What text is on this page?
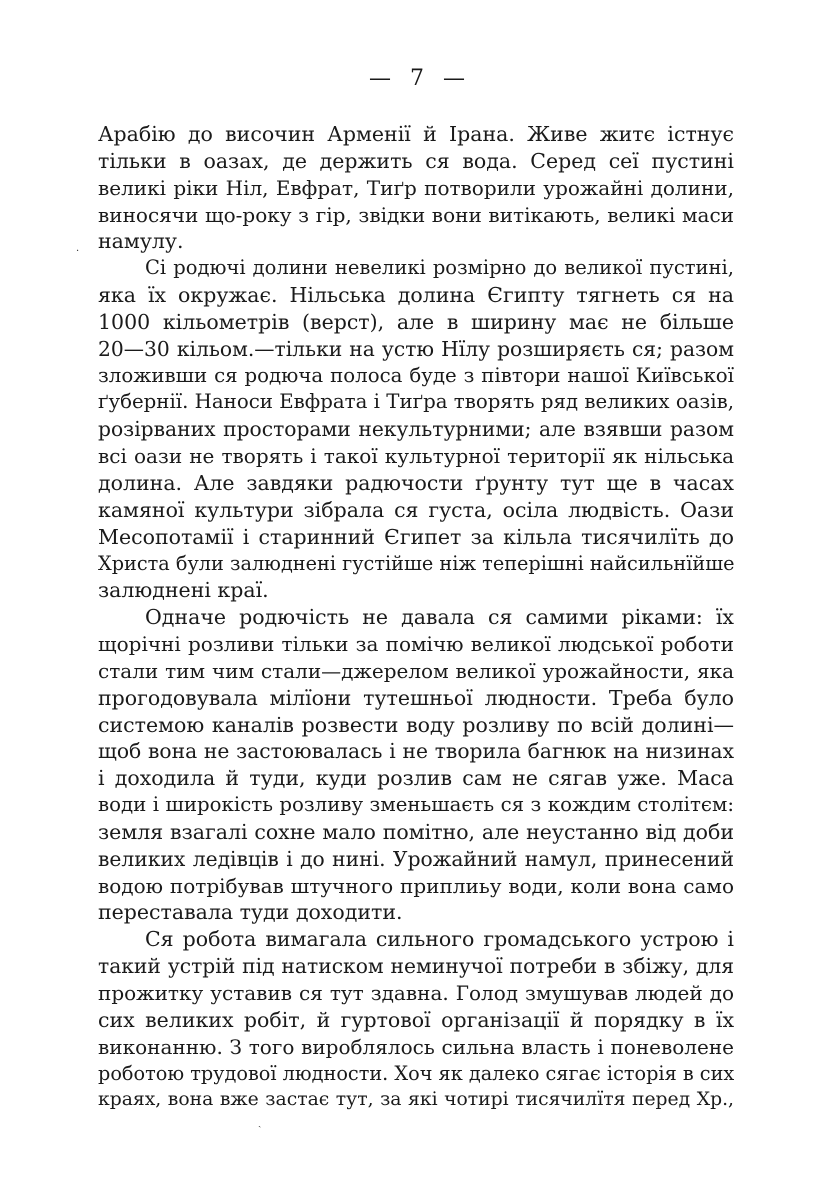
— 7 —
Арабію до височин Арменії й Ірана. Живе житє істнує
тільки в оазах, де держить ся вода. Серед сеї пустині
великі ріки Ніл, Евфрат, Тиґр потворили урожайні долини,
виносячи що-року з гір, звідки вони витікають, великі маси
намулу.
Сі родючі долини невеликі розмірно до великої пустині,
яка їх окружає. Нільська долина Єгипту тягнеть ся на
1000 кільометрів (верст), але в ширину має не більше
20—30 кільом.—тільки на устю Нїлу розширяєть ся; разом
зложивши ся родюча полоса буде з півтори нашої Київської
ґубернії. Наноси Евфрата і Тиґра творять ряд великих оазів,
розірваних просторами некультурними; але взявши разом
всі оази не творять і такої культурної території як нільська
долина. Але завдяки радючости ґрунту тут ще в часах
камяної культури зібрала ся густа, осіла людвість. Оази
Месопотамії і старинний Єгипет за кільла тисячилїть до
Христа були залюднені густійше ніж теперішні найсильнїйше
залюднені краї.
Одначе родючість не давала ся самими ріками: їх
щорічні розливи тільки за помічю великої людської роботи
стали тим чим стали—джерелом великої урожайности, яка
прогодовувала мілїони тутешньої людности. Треба було
системою каналів розвести воду розливу по всій долині—
щоб вона не застоювалась і не творила багнюк на низинах
і доходила й туди, куди розлив сам не сягав уже. Маса
води і широкість розливу зменьшаєть ся з кождим столітєм:
земля взагалі сохне мало помітно, але неустанно від доби
великих ледівців і до нині. Урожайний намул, принесений
водою потрібував штучного приплиьу води, коли вона само
переставала туди доходити.
Ся робота вимагала сильного громадського устрою і
такий устрій під натиском неминучої потреби в збіжу, для
прожитку уставив ся тут здавна. Голод змушував людей до
сих великих робіт, й гуртової організації й порядку в їх
виконанню. З того вироблялось сильна власть і поневолене
роботою трудової людности. Хоч як далеко сягає історія в сих
краях, вона вже застає тут, за які чотирі тисячилїтя перед Хр.,
·
ˎ
